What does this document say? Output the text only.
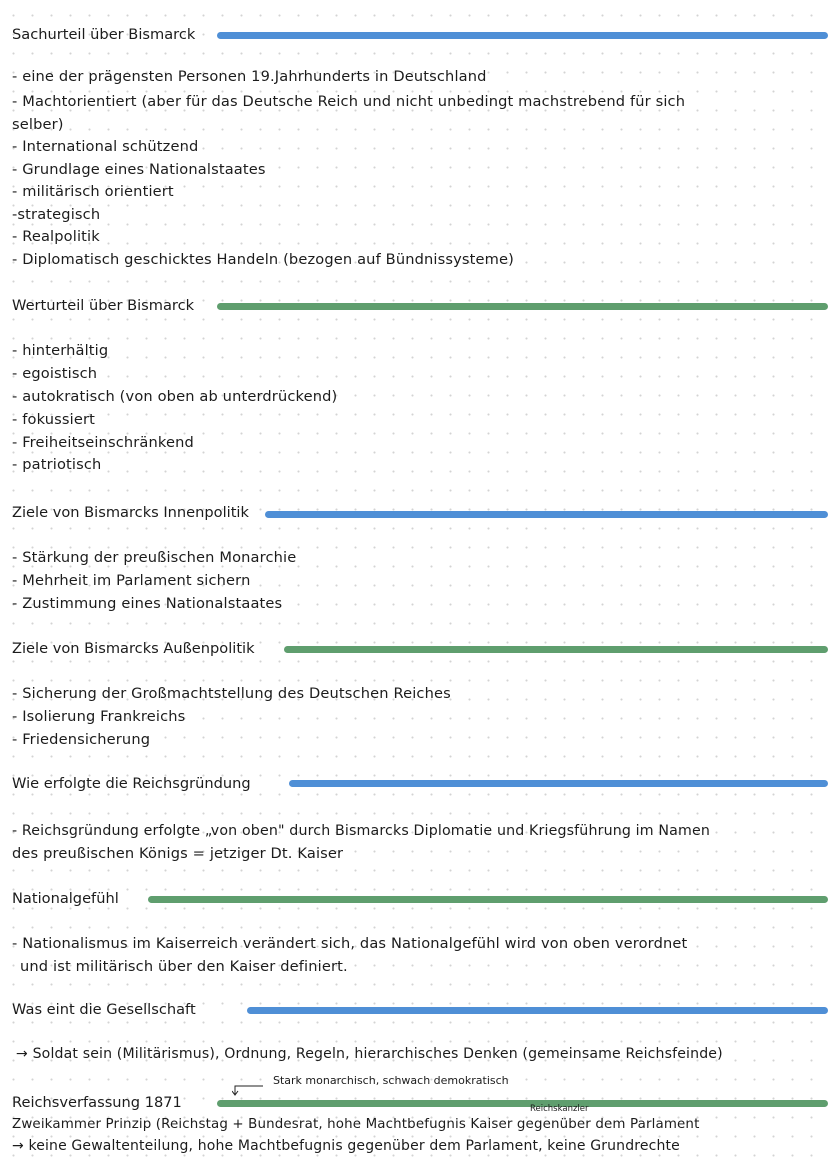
Sachurteil über Bismarck
- eine der prägensten Personen 19.Jahrhunderts in Deutschland
- Machtorientiert (aber für das Deutsche Reich und nicht unbedingt machstrebend für sich
selber)
- International schützend
- Grundlage eines Nationalstaates
- militärisch orientiert
-strategisch
- Realpolitik
- Diplomatisch geschicktes Handeln (bezogen auf Bündnissysteme)
Werturteil über Bismarck
- hinterhältig
- egoistisch
- autokratisch (von oben ab unterdrückend)
- fokussiert
- Freiheitseinschränkend
- patriotisch
Ziele von Bismarcks Innenpolitik
- Stärkung der preußischen Monarchie
- Mehrheit im Parlament sichern
- Zustimmung eines Nationalstaates
Ziele von Bismarcks Außenpolitik
- Sicherung der Großmachtstellung des Deutschen Reiches
- Isolierung Frankreichs
- Friedensicherung
Wie erfolgte die Reichsgründung
- Reichsgründung erfolgte „von oben" durch Bismarcks Diplomatie und Kriegsführung im Namen
des preußischen Königs = jetziger Dt. Kaiser
Nationalgefühl
- Nationalismus im Kaiserreich verändert sich, das Nationalgefühl wird von oben verordnet
und ist militärisch über den Kaiser definiert.
Was eint die Gesellschaft
→ Soldat sein (Militärismus), Ordnung, Regeln, hierarchisches Denken (gemeinsame Reichsfeinde)
Stark monarchisch, schwach demokratisch
Reichsverfassung 1871	Reichskanzler
Zweikammer Prinzip (Reichstag + Bundesrat, hohe Machtbefugnis Kaiser gegenüber dem Parlament
→ keine Gewaltenteilung, hohe Machtbefugnis gegenüber dem Parlament, keine Grundrechte
